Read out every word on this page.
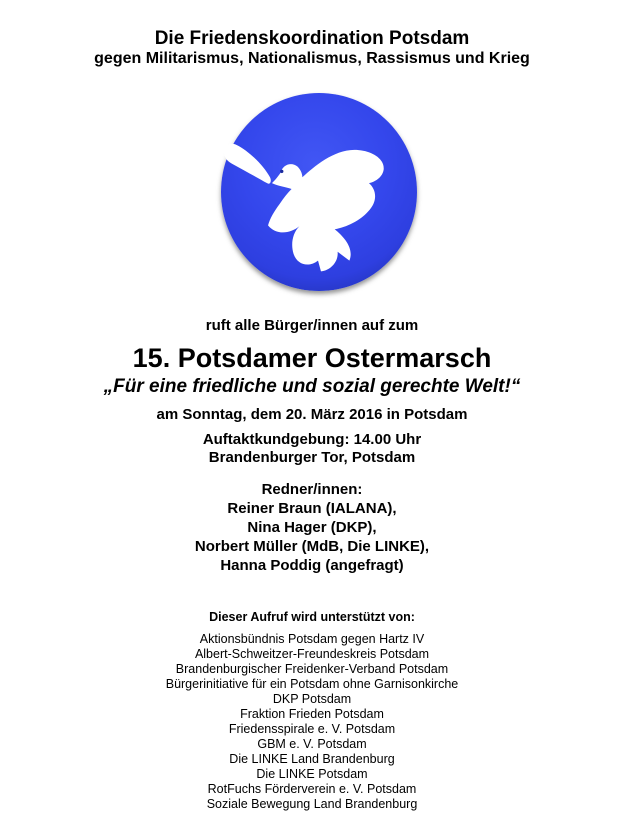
Die Friedenskoordination Potsdam
gegen Militarismus, Nationalismus, Rassismus und Krieg
ruft alle Bürger/innen auf zum
15. Potsdamer Ostermarsch
„Für eine friedliche und sozial gerechte Welt!“
am Sonntag, dem 20. März 2016 in Potsdam
Auftaktkundgebung: 14.00 Uhr
Brandenburger Tor, Potsdam
Redner/innen:
Reiner Braun (IALANA),
Nina Hager (DKP),
Norbert Müller (MdB, Die LINKE),
Hanna Poddig (angefragt)
Dieser Aufruf wird unterstützt von:
Aktionsbündnis Potsdam gegen Hartz IV
Albert-Schweitzer-Freundeskreis Potsdam
Brandenburgischer Freidenker-Verband Potsdam
Bürgerinitiative für ein Potsdam ohne Garnisonkirche
DKP Potsdam
Fraktion Frieden Potsdam
Friedensspirale e. V. Potsdam
GBM e. V. Potsdam
Die LINKE Land Brandenburg
Die LINKE Potsdam
RotFuchs Förderverein e. V. Potsdam
Soziale Bewegung Land Brandenburg
